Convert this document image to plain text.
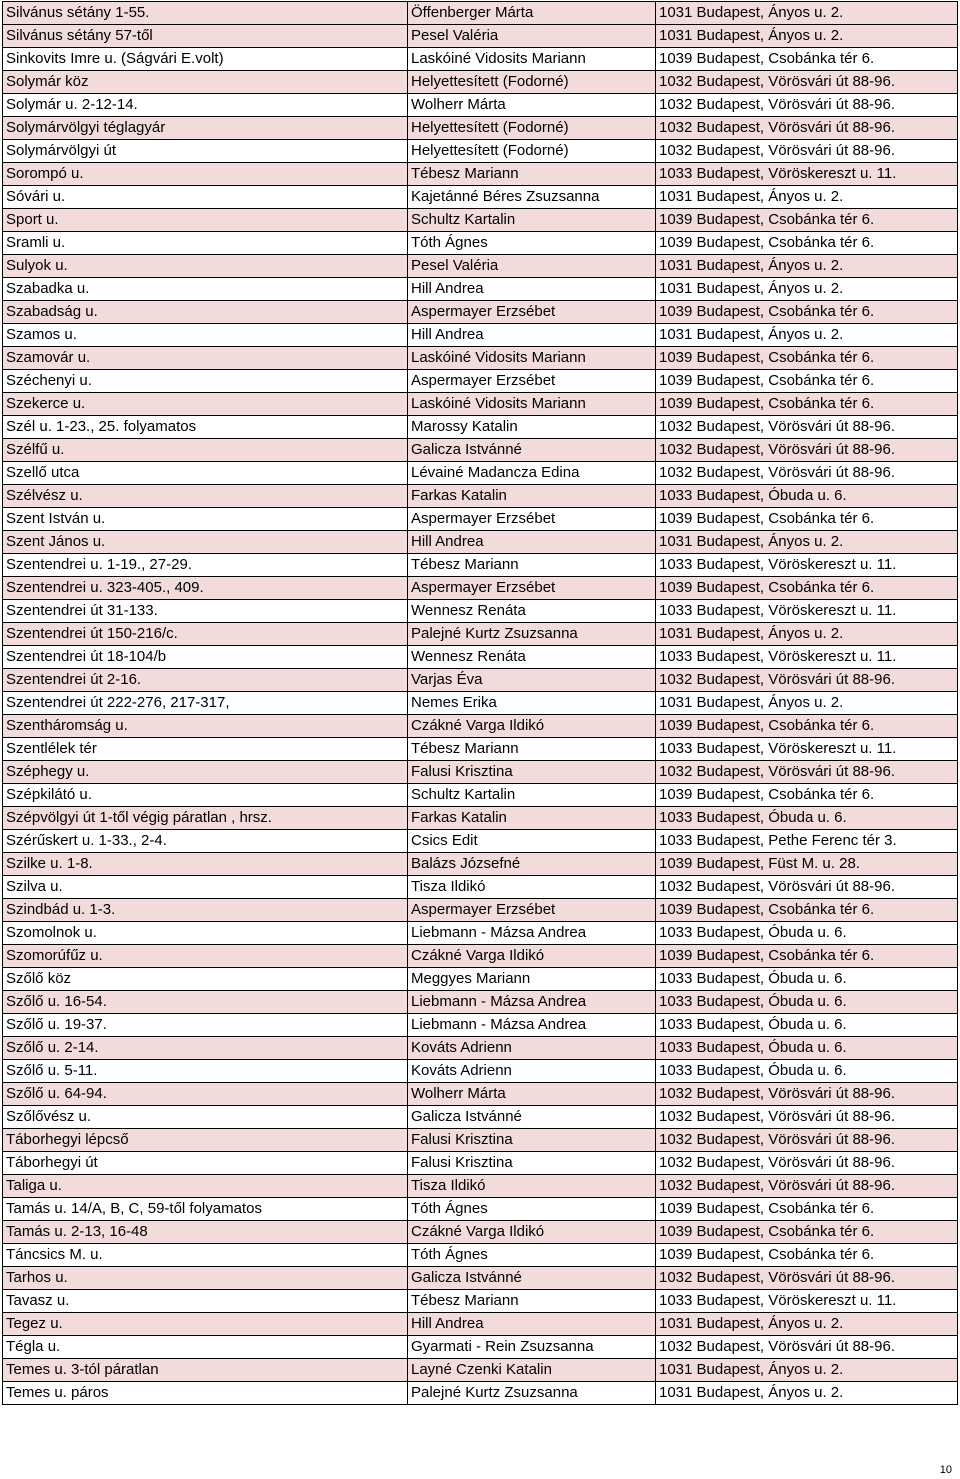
Silvánus sétány 1-55.	Öffenberger Márta	1031 Budapest, Ányos u. 2.
Silvánus sétány 57-től	Pesel Valéria	1031 Budapest, Ányos u. 2.
Sinkovits Imre u. (Ságvári E.volt)	Laskóiné Vidosits Mariann	1039 Budapest, Csobánka tér 6.
Solymár köz	Helyettesített (Fodorné)	1032 Budapest, Vörösvári út 88-96.
Solymár u. 2-12-14.	Wolherr Márta	1032 Budapest, Vörösvári út 88-96.
Solymárvölgyi téglagyár	Helyettesített (Fodorné)	1032 Budapest, Vörösvári út 88-96.
Solymárvölgyi út	Helyettesített (Fodorné)	1032 Budapest, Vörösvári út 88-96.
Sorompó u.	Tébesz Mariann	1033 Budapest, Vöröskereszt u. 11.
Sóvári u.	Kajetánné Béres Zsuzsanna	1031 Budapest, Ányos u. 2.
Sport u.	Schultz Kartalin	1039 Budapest, Csobánka tér 6.
Sramli u.	Tóth Ágnes	1039 Budapest, Csobánka tér 6.
Sulyok u.	Pesel Valéria	1031 Budapest, Ányos u. 2.
Szabadka u.	Hill Andrea	1031 Budapest, Ányos u. 2.
Szabadság u.	Aspermayer Erzsébet	1039 Budapest, Csobánka tér 6.
Szamos u.	Hill Andrea	1031 Budapest, Ányos u. 2.
Szamovár u.	Laskóiné Vidosits Mariann	1039 Budapest, Csobánka tér 6.
Széchenyi u.	Aspermayer Erzsébet	1039 Budapest, Csobánka tér 6.
Szekerce u.	Laskóiné Vidosits Mariann	1039 Budapest, Csobánka tér 6.
Szél u. 1-23., 25. folyamatos	Marossy Katalin	1032 Budapest, Vörösvári út 88-96.
Szélfű u.	Galicza Istvánné	1032 Budapest, Vörösvári út 88-96.
Szellő utca	Lévainé Madancza Edina	1032 Budapest, Vörösvári út 88-96.
Szélvész u.	Farkas Katalin	1033 Budapest, Óbuda u. 6.
Szent István u.	Aspermayer Erzsébet	1039 Budapest, Csobánka tér 6.
Szent János u.	Hill Andrea	1031 Budapest, Ányos u. 2.
Szentendrei u. 1-19., 27-29.	Tébesz Mariann	1033 Budapest, Vöröskereszt u. 11.
Szentendrei u. 323-405., 409.	Aspermayer Erzsébet	1039 Budapest, Csobánka tér 6.
Szentendrei út 31-133.	Wennesz Renáta	1033 Budapest, Vöröskereszt u. 11.
Szentendrei út 150-216/c.	Palejné Kurtz Zsuzsanna	1031 Budapest, Ányos u. 2.
Szentendrei út 18-104/b	Wennesz Renáta	1033 Budapest, Vöröskereszt u. 11.
Szentendrei út 2-16.	Varjas Éva	1032 Budapest, Vörösvári út 88-96.
Szentendrei út 222-276, 217-317,	Nemes Erika	1031 Budapest, Ányos u. 2.
Szentháromság u.	Czákné Varga Ildikó	1039 Budapest, Csobánka tér 6.
Szentlélek tér	Tébesz Mariann	1033 Budapest, Vöröskereszt u. 11.
Széphegy u.	Falusi Krisztina	1032 Budapest, Vörösvári út 88-96.
Szépkilátó u.	Schultz Kartalin	1039 Budapest, Csobánka tér 6.
Szépvölgyi út 1-től végig páratlan , hrsz.	Farkas Katalin	1033 Budapest, Óbuda u. 6.
Szérűskert u. 1-33., 2-4.	Csics Edit	1033 Budapest, Pethe Ferenc tér 3.
Szilke u. 1-8.	Balázs Józsefné	1039 Budapest, Füst M. u. 28.
Szilva u.	Tisza Ildikó	1032 Budapest, Vörösvári út 88-96.
Szindbád u. 1-3.	Aspermayer Erzsébet	1039 Budapest, Csobánka tér 6.
Szomolnok u.	Liebmann - Mázsa Andrea	1033 Budapest, Óbuda u. 6.
Szomorúfűz u.	Czákné Varga Ildikó	1039 Budapest, Csobánka tér 6.
Szőlő köz	Meggyes Mariann	1033 Budapest, Óbuda u. 6.
Szőlő u. 16-54.	Liebmann - Mázsa Andrea	1033 Budapest, Óbuda u. 6.
Szőlő u. 19-37.	Liebmann - Mázsa Andrea	1033 Budapest, Óbuda u. 6.
Szőlő u. 2-14.	Kováts Adrienn	1033 Budapest, Óbuda u. 6.
Szőlő u. 5-11.	Kováts Adrienn	1033 Budapest, Óbuda u. 6.
Szőlő u. 64-94.	Wolherr Márta	1032 Budapest, Vörösvári út 88-96.
Szőlővész u.	Galicza Istvánné	1032 Budapest, Vörösvári út 88-96.
Táborhegyi lépcső	Falusi Krisztina	1032 Budapest, Vörösvári út 88-96.
Táborhegyi út	Falusi Krisztina	1032 Budapest, Vörösvári út 88-96.
Taliga u.	Tisza Ildikó	1032 Budapest, Vörösvári út 88-96.
Tamás u. 14/A, B, C, 59-től folyamatos	Tóth Ágnes	1039 Budapest, Csobánka tér 6.
Tamás u. 2-13, 16-48	Czákné Varga Ildikó	1039 Budapest, Csobánka tér 6.
Táncsics M. u.	Tóth Ágnes	1039 Budapest, Csobánka tér 6.
Tarhos u.	Galicza Istvánné	1032 Budapest, Vörösvári út 88-96.
Tavasz u.	Tébesz Mariann	1033 Budapest, Vöröskereszt u. 11.
Tegez u.	Hill Andrea	1031 Budapest, Ányos u. 2.
Tégla u.	Gyarmati - Rein Zsuzsanna	1032 Budapest, Vörösvári út 88-96.
Temes u. 3-tól páratlan	Layné Czenki Katalin	1031 Budapest, Ányos u. 2.
Temes u. páros	Palejné Kurtz Zsuzsanna	1031 Budapest, Ányos u. 2.
10
